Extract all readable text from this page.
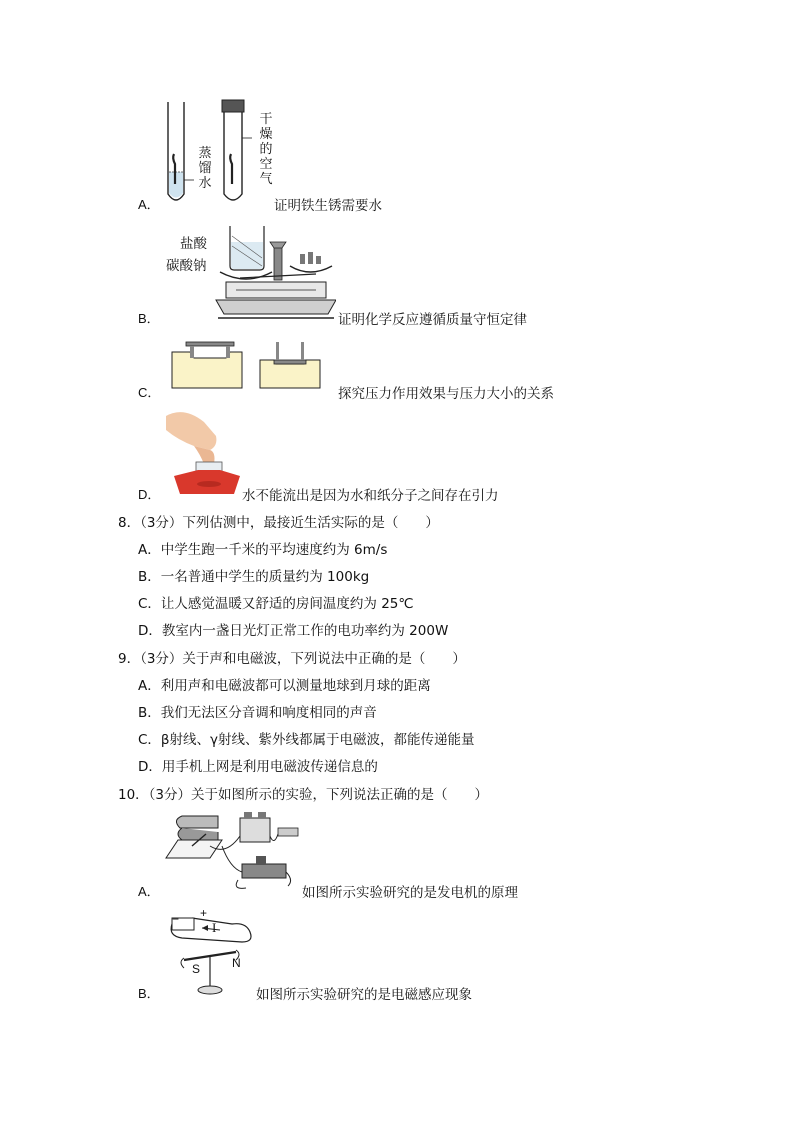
蒸馏水
干燥的空气
A．	证明铁生锈需要水
盐酸
碳酸钠
B．	证明化学反应遵循质量守恒定律
C．	探究压力作用效果与压力大小的关系
D．	水不能流出是因为水和纸分子之间存在引力
8．（3分）下列估测中，最接近生活实际的是（　　）
A．中学生跑一千米的平均速度约为 6m/s
B．一名普通中学生的质量约为 100kg
C．让人感觉温暖又舒适的房间温度约为 25℃
D．教室内一盏日光灯正常工作的电功率约为 200W
9．（3分）关于声和电磁波，下列说法中正确的是（　　）
A．利用声和电磁波都可以测量地球到月球的距离
B．我们无法区分音调和响度相同的声音
C．β射线、γ射线、紫外线都属于电磁波，都能传递能量
D．用手机上网是利用电磁波传递信息的
10．（3分）关于如图所示的实验，下列说法正确的是（　　）
A．	如图所示实验研究的是发电机的原理
− +
I
S	N
B．	如图所示实验研究的是电磁感应现象
